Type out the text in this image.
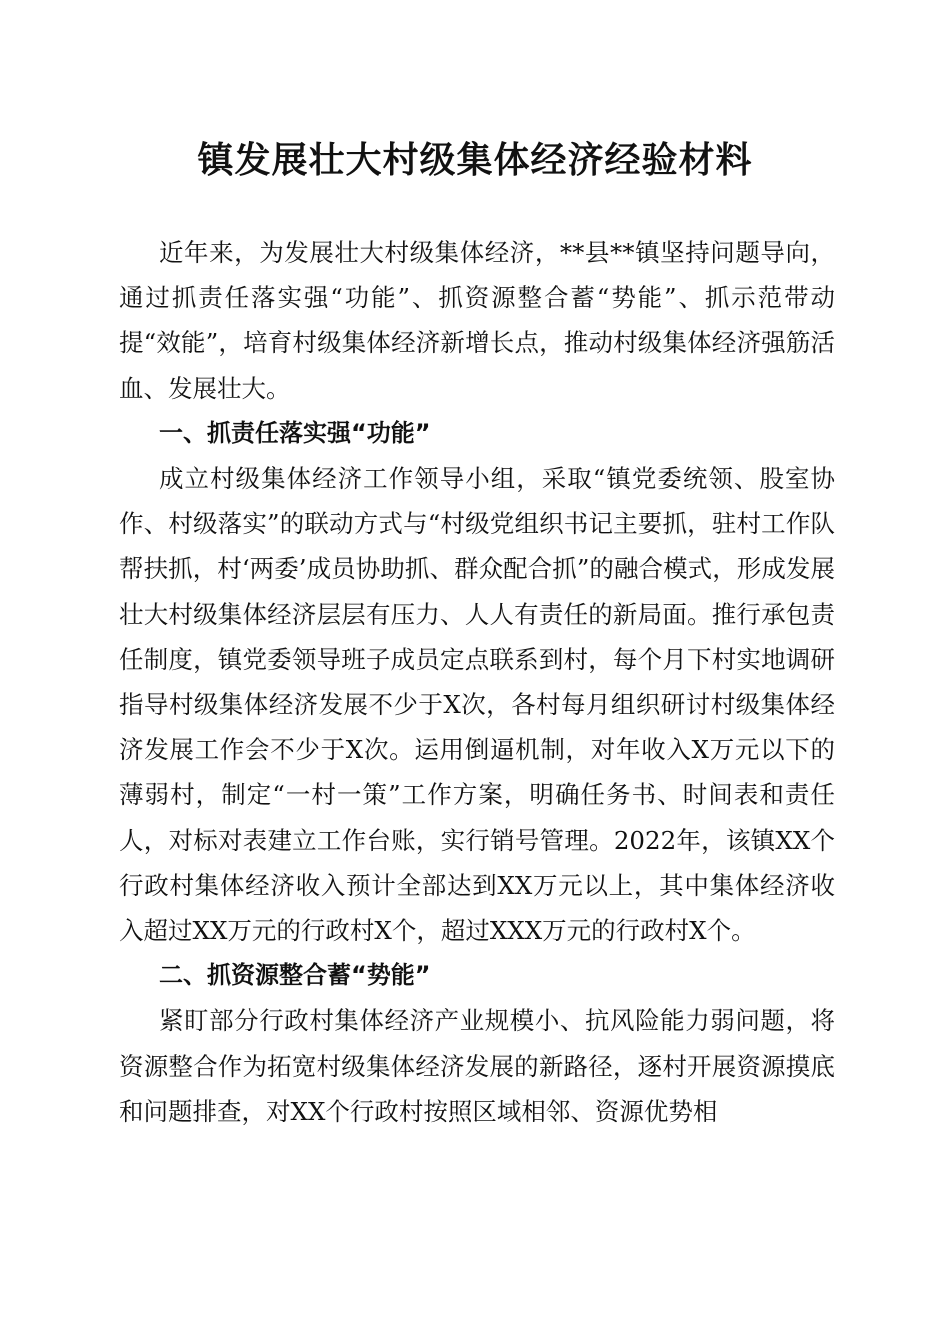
镇发展壮大村级集体经济经验材料

近年来，为发展壮大村级集体经济，**县**镇坚持问题导向，通过抓责任落实强“功能”、抓资源整合蓄“势能”、抓示范带动提“效能”，培育村级集体经济新增长点，推动村级集体经济强筋活血、发展壮大。

一、抓责任落实强“功能”

成立村级集体经济工作领导小组，采取“镇党委统领、股室协作、村级落实”的联动方式与“村级党组织书记主要抓，驻村工作队帮扶抓，村‘两委’成员协助抓、群众配合抓”的融合模式，形成发展壮大村级集体经济层层有压力、人人有责任的新局面。推行承包责任制度，镇党委领导班子成员定点联系到村，每个月下村实地调研指导村级集体经济发展不少于X次，各村每月组织研讨村级集体经济发展工作会不少于X次。运用倒逼机制，对年收入X万元以下的薄弱村，制定“一村一策”工作方案，明确任务书、时间表和责任人，对标对表建立工作台账，实行销号管理。2022年，该镇XX个行政村集体经济收入预计全部达到XX万元以上，其中集体经济收入超过XX万元的行政村X个，超过XXX万元的行政村X个。

二、抓资源整合蓄“势能”

紧盯部分行政村集体经济产业规模小、抗风险能力弱问题，将资源整合作为拓宽村级集体经济发展的新路径，逐村开展资源摸底和问题排查，对XX个行政村按照区域相邻、资源优势相
